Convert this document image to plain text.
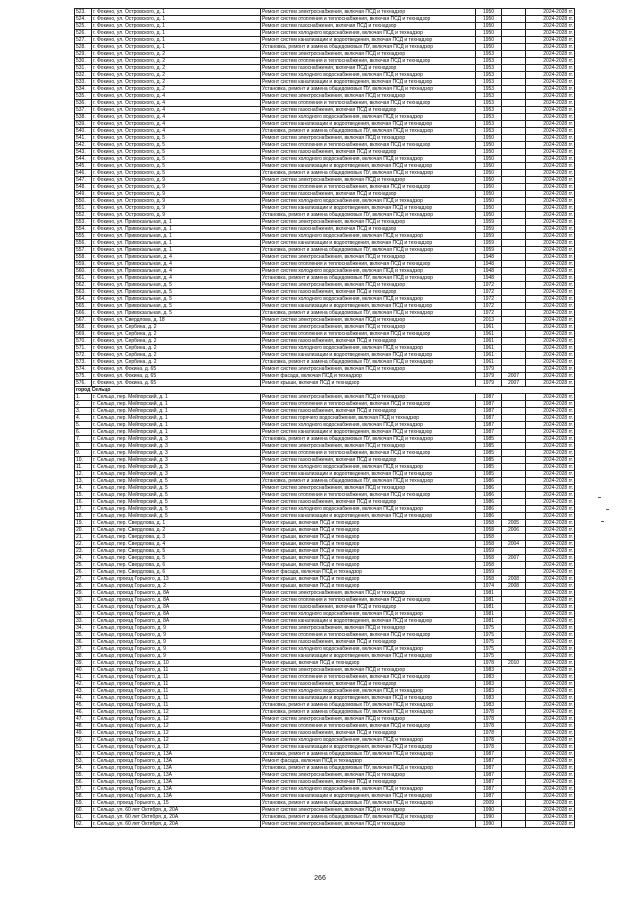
523.	г. Фокино, ул. Островского, д. 1	Ремонт систем электроснабжения, включая ПСД и технадзор	1950		2024-2028 гг.
524.	г. Фокино, ул. Островского, д. 1	Ремонт систем отопления и теплоснабжения, включая ПСД и технадзор	1950		2024-2028 гг.
525.	г. Фокино, ул. Островского, д. 1	Ремонт систем газоснабжения, включая ПСД и технадзор	1950		2024-2028 гг.
526.	г. Фокино, ул. Островского, д. 1	Ремонт систем холодного водоснабжения, включая ПСД и технадзор	1950		2024-2028 гг.
527.	г. Фокино, ул. Островского, д. 1	Ремонт систем канализации и водоотведения, включая ПСД и технадзор	1950		2024-2028 гг.
528.	г. Фокино, ул. Островского, д. 1	Установка, ремонт и замена общедомовых ПУ, включая ПСД и технадзор	1950		2024-2028 гг.
529.	г. Фокино, ул. Островского, д. 2	Ремонт систем электроснабжения, включая ПСД и технадзор	1953		2024-2028 гг.
530.	г. Фокино, ул. Островского, д. 2	Ремонт систем отопления и теплоснабжения, включая ПСД и технадзор	1953		2024-2028 гг.
531.	г. Фокино, ул. Островского, д. 2	Ремонт систем газоснабжения, включая ПСД и технадзор	1953		2024-2028 гг.
532.	г. Фокино, ул. Островского, д. 2	Ремонт систем холодного водоснабжения, включая ПСД и технадзор	1953		2024-2028 гг.
533.	г. Фокино, ул. Островского, д. 2	Ремонт систем канализации и водоотведения, включая ПСД и технадзор	1953		2024-2028 гг.
534.	г. Фокино, ул. Островского, д. 2	Установка, ремонт и замена общедомовых ПУ, включая ПСД и технадзор	1953		2024-2028 гг.
535.	г. Фокино, ул. Островского, д. 4	Ремонт систем электроснабжения, включая ПСД и технадзор	1953		2024-2028 гг.
536.	г. Фокино, ул. Островского, д. 4	Ремонт систем отопления и теплоснабжения, включая ПСД и технадзор	1953		2024-2028 гг.
537.	г. Фокино, ул. Островского, д. 4	Ремонт систем газоснабжения, включая ПСД и технадзор	1953		2024-2028 гг.
538.	г. Фокино, ул. Островского, д. 4	Ремонт систем холодного водоснабжения, включая ПСД и технадзор	1953		2024-2028 гг.
539.	г. Фокино, ул. Островского, д. 4	Ремонт систем канализации и водоотведения, включая ПСД и технадзор	1953		2024-2028 гг.
540.	г. Фокино, ул. Островского, д. 4	Установка, ремонт и замена общедомовых ПУ, включая ПСД и технадзор	1953		2024-2028 гг.
541.	г. Фокино, ул. Островского, д. 5	Ремонт систем электроснабжения, включая ПСД и технадзор	1950		2024-2028 гг.
542.	г. Фокино, ул. Островского, д. 5	Ремонт систем отопления и теплоснабжения, включая ПСД и технадзор	1950		2024-2028 гг.
543.	г. Фокино, ул. Островского, д. 5	Ремонт систем газоснабжения, включая ПСД и технадзор	1950		2024-2028 гг.
544.	г. Фокино, ул. Островского, д. 5	Ремонт систем холодного водоснабжения, включая ПСД и технадзор	1950		2024-2028 гг.
545.	г. Фокино, ул. Островского, д. 5	Ремонт систем канализации и водоотведения, включая ПСД и технадзор	1950		2024-2028 гг.
546.	г. Фокино, ул. Островского, д. 5	Установка, ремонт и замена общедомовых ПУ, включая ПСД и технадзор	1950		2024-2028 гг.
547.	г. Фокино, ул. Островского, д. 9	Ремонт систем электроснабжения, включая ПСД и технадзор	1950		2024-2028 гг.
548.	г. Фокино, ул. Островского, д. 9	Ремонт систем отопления и теплоснабжения, включая ПСД и технадзор	1950		2024-2028 гг.
549.	г. Фокино, ул. Островского, д. 9	Ремонт систем газоснабжения, включая ПСД и технадзор	1950		2024-2028 гг.
550.	г. Фокино, ул. Островского, д. 9	Ремонт систем холодного водоснабжения, включая ПСД и технадзор	1950		2024-2028 гг.
551.	г. Фокино, ул. Островского, д. 9	Ремонт систем канализации и водоотведения, включая ПСД и технадзор	1950		2024-2028 гг.
552.	г. Фокино, ул. Островского, д. 9	Установка, ремонт и замена общедомовых ПУ, включая ПСД и технадзор	1950		2024-2028 гг.
553.	г. Фокино, ул. Привокзальная, д. 1	Ремонт систем электроснабжения, включая ПСД и технадзор	1959		2024-2028 гг.
554.	г. Фокино, ул. Привокзальная, д. 1	Ремонт систем газоснабжения, включая ПСД и технадзор	1959		2024-2028 гг.
555.	г. Фокино, ул. Привокзальная, д. 1	Ремонт систем холодного водоснабжения, включая ПСД и технадзор	1959		2024-2028 гг.
556.	г. Фокино, ул. Привокзальная, д. 1	Ремонт систем канализации и водоотведения, включая ПСД и технадзор	1959		2024-2028 гг.
557.	г. Фокино, ул. Привокзальная, д. 1	Установка, ремонт и замена общедомовых ПУ, включая ПСД и технадзор	1959		2024-2028 гг.
558.	г. Фокино, ул. Привокзальная, д. 4	Ремонт систем электроснабжения, включая ПСД и технадзор	1948		2024-2028 гг.
559.	г. Фокино, ул. Привокзальная, д. 4	Ремонт систем отопления и теплоснабжения, включая ПСД и технадзор	1948		2024-2028 гг.
560.	г. Фокино, ул. Привокзальная, д. 4	Ремонт систем холодного водоснабжения, включая ПСД и технадзор	1948		2024-2028 гг.
561.	г. Фокино, ул. Привокзальная, д. 4	Установка, ремонт и замена общедомовых ПУ, включая ПСД и технадзор	1948		2024-2028 гг.
562.	г. Фокино, ул. Привокзальная, д. 5	Ремонт систем электроснабжения, включая ПСД и технадзор	1972		2024-2028 гг.
563.	г. Фокино, ул. Привокзальная, д. 5	Ремонт систем газоснабжения, включая ПСД и технадзор	1972		2024-2028 гг.
564.	г. Фокино, ул. Привокзальная, д. 5	Ремонт систем холодного водоснабжения, включая ПСД и технадзор	1972		2024-2028 гг.
565.	г. Фокино, ул. Привокзальная, д. 5	Ремонт систем канализации и водоотведения, включая ПСД и технадзор	1972		2024-2028 гг.
566.	г. Фокино, ул. Привокзальная, д. 5	Установка, ремонт и замена общедомовых ПУ, включая ПСД и технадзор	1972		2024-2028 гг.
567.	г. Фокино, ул. Свердлова, д. 18	Ремонт систем электроснабжения, включая ПСД и технадзор	2013		2024-2028 гг.
568.	г. Фокино, ул. Сербина, д. 2	Ремонт систем электроснабжения, включая ПСД и технадзор	1961		2024-2028 гг.
569.	г. Фокино, ул. Сербина, д. 2	Ремонт систем отопления и теплоснабжения, включая ПСД и технадзор	1961		2024-2028 гг.
570.	г. Фокино, ул. Сербина, д. 2	Ремонт систем газоснабжения, включая ПСД и технадзор	1961		2024-2028 гг.
571.	г. Фокино, ул. Сербина, д. 2	Ремонт систем холодного водоснабжения, включая ПСД и технадзор	1961		2024-2028 гг.
572.	г. Фокино, ул. Сербина, д. 2	Ремонт систем канализации и водоотведения, включая ПСД и технадзор	1961		2024-2028 гг.
573.	г. Фокино, ул. Сербина, д. 2	Установка, ремонт и замена общедомовых ПУ, включая ПСД и технадзор	1961		2024-2028 гг.
574.	г. Фокино, ул. Фокина, д. 65	Ремонт систем электроснабжения, включая ПСД и технадзор	1979		2024-2028 гг.
575.	г. Фокино, ул. Фокина, д. 65	Ремонт фасада, включая ПСД и технадзор	1979	2007	2024-2028 гг.
576.	г. Фокино, ул. Фокина, д. 65	Ремонт крыши, включая ПСД и технадзор	1979	2007	2024-2028 гг.
город Сельцо					
1.	г. Сельцо, пер. Мейпорский, д. 1	Ремонт систем электроснабжения, включая ПСД и технадзор	1987		2024-2028 гг.
2.	г. Сельцо, пер. Мейпорский, д. 1	Ремонт систем отопления и теплоснабжения, включая ПСД и технадзор	1987		2024-2028 гг.
3.	г. Сельцо, пер. Мейпорский, д. 1	Ремонт систем газоснабжения, включая ПСД и технадзор	1987		2024-2028 гг.
4.	г. Сельцо, пер. Мейпорский, д. 1	Ремонт систем горячего водоснабжения, включая ПСД и технадзор	1987		2024-2028 гг.
5.	г. Сельцо, пер. Мейпорский, д. 1	Ремонт систем холодного водоснабжения, включая ПСД и технадзор	1987		2024-2028 гг.
6.	г. Сельцо, пер. Мейпорский, д. 1	Ремонт систем канализации и водоотведения, включая ПСД и технадзор	1987		2024-2028 гг.
7.	г. Сельцо, пер. Мейпорский, д. 3	Установка, ремонт и замена общедомовых ПУ, включая ПСД и технадзор	1985		2024-2028 гг.
8.	г. Сельцо, пер. Мейпорский, д. 3	Ремонт систем электроснабжения, включая ПСД и технадзор	1985		2024-2028 гг.
9.	г. Сельцо, пер. Мейпорский, д. 3	Ремонт систем отопления и теплоснабжения, включая ПСД и технадзор	1985		2024-2028 гг.
10.	г. Сельцо, пер. Мейпорский, д. 3	Ремонт систем газоснабжения, включая ПСД и технадзор	1985		2024-2028 гг.
11.	г. Сельцо, пер. Мейпорский, д. 3	Ремонт систем холодного водоснабжения, включая ПСД и технадзор	1985		2024-2028 гг.
12.	г. Сельцо, пер. Мейпорский, д. 3	Ремонт систем канализации и водоотведения, включая ПСД и технадзор	1985		2024-2028 гг.
13.	г. Сельцо, пер. Мейпорский, д. 5	Установка, ремонт и замена общедомовых ПУ, включая ПСД и технадзор	1986		2024-2028 гг.
14.	г. Сельцо, пер. Мейпорский, д. 5	Ремонт систем электроснабжения, включая ПСД и технадзор	1986		2024-2028 гг.
15.	г. Сельцо, пер. Мейпорский, д. 5	Ремонт систем отопления и теплоснабжения, включая ПСД и технадзор	1986		2024-2028 гг.
16.	г. Сельцо, пер. Мейпорский, д. 5	Ремонт систем газоснабжения, включая ПСД и технадзор	1986		2024-2028 гг.
17.	г. Сельцо, пер. Мейпорский, д. 5	Ремонт систем холодного водоснабжения, включая ПСД и технадзор	1986		2024-2028 гг.
18.	г. Сельцо, пер. Мейпорский, д. 5	Ремонт систем канализации и водоотведения, включая ПСД и технадзор	1986		2024-2028 гг.
19.	г. Сельцо, пер. Свердлова, д. 1	Ремонт крыши, включая ПСД и технадзор	1958	2005	2024-2028 гг.
20.	г. Сельцо, пер. Свердлова, д. 2	Ремонт крыши, включая ПСД и технадзор	1958	2006	2024-2028 гг.
21.	г. Сельцо, пер. Свердлова, д. 3	Ремонт крыши, включая ПСД и технадзор	1958		2024-2028 гг.
22.	г. Сельцо, пер. Свердлова, д. 4	Ремонт крыши, включая ПСД и технадзор	1958	2004	2024-2028 гг.
23.	г. Сельцо, пер. Свердлова, д. 5	Ремонт крыши, включая ПСД и технадзор	1959		2024-2028 гг.
24.	г. Сельцо, пер. Свердлова, д. 5	Ремонт крыши, включая ПСД и технадзор	1958	2007	2024-2028 гг.
25.	г. Сельцо, пер. Свердлова, д. 6	Ремонт крыши, включая ПСД и технадзор	1958		2024-2028 гг.
26.	г. Сельцо, пер. Свердлова, д. 6	Ремонт фасада, включая ПСД и технадзор	1959		2024-2028 гг.
27.	г. Сельцо, проезд Горького, д. 13	Ремонт крыши, включая ПСД и технадзор	1958	2008	2024-2028 гг.
28.	г. Сельцо, проезд Горького, д. 2	Ремонт крыши, включая ПСД и технадзор	1974	2008	2024-2028 гг.
29.	г. Сельцо, проезд Горького, д. 8А	Ремонт систем электроснабжения, включая ПСД и технадзор	1981		2024-2028 гг.
30.	г. Сельцо, проезд Горького, д. 8А	Ремонт систем отопления и теплоснабжения, включая ПСД и технадзор	1981		2024-2028 гг.
31.	г. Сельцо, проезд Горького, д. 8А	Ремонт систем газоснабжения, включая ПСД и технадзор	1981		2024-2028 гг.
32.	г. Сельцо, проезд Горького, д. 8А	Ремонт систем холодного водоснабжения, включая ПСД и технадзор	1981		2024-2028 гг.
33.	г. Сельцо, проезд Горького, д. 8А	Ремонт систем канализации и водоотведения, включая ПСД и технадзор	1981		2024-2028 гг.
34.	г. Сельцо, проезд Горького, д. 9	Ремонт систем электроснабжения, включая ПСД и технадзор	1975		2024-2028 гг.
35.	г. Сельцо, проезд Горького, д. 9	Ремонт систем отопления и теплоснабжения, включая ПСД и технадзор	1975		2024-2028 гг.
36.	г. Сельцо, проезд Горького, д. 9	Ремонт систем газоснабжения, включая ПСД и технадзор	1975		2024-2028 гг.
37.	г. Сельцо, проезд Горького, д. 9	Ремонт систем холодного водоснабжения, включая ПСД и технадзор	1975		2024-2028 гг.
38.	г. Сельцо, проезд Горького, д. 9	Ремонт систем канализации и водоотведения, включая ПСД и технадзор	1975		2024-2028 гг.
39.	г. Сельцо, проезд Горького, д. 10	Ремонт крыши, включая ПСД и технадзор	1978	2010	2024-2028 гг.
40.	г. Сельцо, проезд Горького, д. 11	Ремонт систем электроснабжения, включая ПСД и технадзор	1983		2024-2028 гг.
41.	г. Сельцо, проезд Горького, д. 11	Ремонт систем отопления и теплоснабжения, включая ПСД и технадзор	1983		2024-2028 гг.
42.	г. Сельцо, проезд Горького, д. 11	Ремонт систем газоснабжения, включая ПСД и технадзор	1983		2024-2028 гг.
43.	г. Сельцо, проезд Горького, д. 11	Ремонт систем холодного водоснабжения, включая ПСД и технадзор	1983		2024-2028 гг.
44.	г. Сельцо, проезд Горького, д. 11	Ремонт систем канализации и водоотведения, включая ПСД и технадзор	1983		2024-2028 гг.
45.	г. Сельцо, проезд Горького, д. 11	Установка, ремонт и замена общедомовых ПУ, включая ПСД и технадзор	1983		2024-2028 гг.
46.	г. Сельцо, проезд Горького, д. 12	Установка, ремонт и замена общедомовых ПУ, включая ПСД и технадзор	1978		2024-2028 гг.
47.	г. Сельцо, проезд Горького, д. 12	Ремонт систем электроснабжения, включая ПСД и технадзор	1978		2024-2028 гг.
48.	г. Сельцо, проезд Горького, д. 12	Ремонт систем отопления и теплоснабжения, включая ПСД и технадзор	1978		2024-2028 гг.
49.	г. Сельцо, проезд Горького, д. 12	Ремонт систем газоснабжения, включая ПСД и технадзор	1978		2024-2028 гг.
50.	г. Сельцо, проезд Горького, д. 12	Ремонт систем холодного водоснабжения, включая ПСД и технадзор	1978		2024-2028 гг.
51.	г. Сельцо, проезд Горького, д. 12	Ремонт систем канализации и водоотведения, включая ПСД и технадзор	1978		2024-2028 гг.
52.	г. Сельцо, проезд Горького, д. 13А	Установка, ремонт и замена общедомовых ПУ, включая ПСД и технадзор	1987		2024-2028 гг.
53.	г. Сельцо, проезд Горького, д. 13А	Ремонт фасада, включая ПСД и технадзор	1987		2024-2028 гг.
54.	г. Сельцо, проезд Горького, д. 13А	Установка, ремонт и замена общедомовых ПУ, включая ПСД и технадзор	1987		2024-2028 гг.
55.	г. Сельцо, проезд Горького, д. 13А	Ремонт систем электроснабжения, включая ПСД и технадзор	1987		2024-2028 гг.
56.	г. Сельцо, проезд Горького, д. 13А	Ремонт систем газоснабжения, включая ПСД и технадзор	1987		2024-2028 гг.
57.	г. Сельцо, проезд Горького, д. 13А	Ремонт систем холодного водоснабжения, включая ПСД и технадзор	1987		2024-2028 гг.
58.	г. Сельцо, проезд Горького, д. 13А	Ремонт систем канализации и водоотведения, включая ПСД и технадзор	1987		2024-2028 гг.
59.	г. Сельцо, проезд Горького, д. 15	Установка, ремонт и замена общедомовых ПУ, включая ПСД и технадзор	2009		2024-2028 гг.
60.	г. Сельцо, ул. 60 лет Октября, д. 20А	Ремонт систем электроснабжения, включая ПСД и технадзор	1990		2024-2028 гг.
61.	г. Сельцо, ул. 60 лет Октября, д. 20А	Установка, ремонт и замена общедомовых ПУ, включая ПСД и технадзор	1990		2024-2028 гг.
62.	г. Сельцо, ул. 60 лет Октября, д. 20А	Ремонт систем электроснабжения, включая ПСД и технадзор	1990		2024-2028 гг.
266
